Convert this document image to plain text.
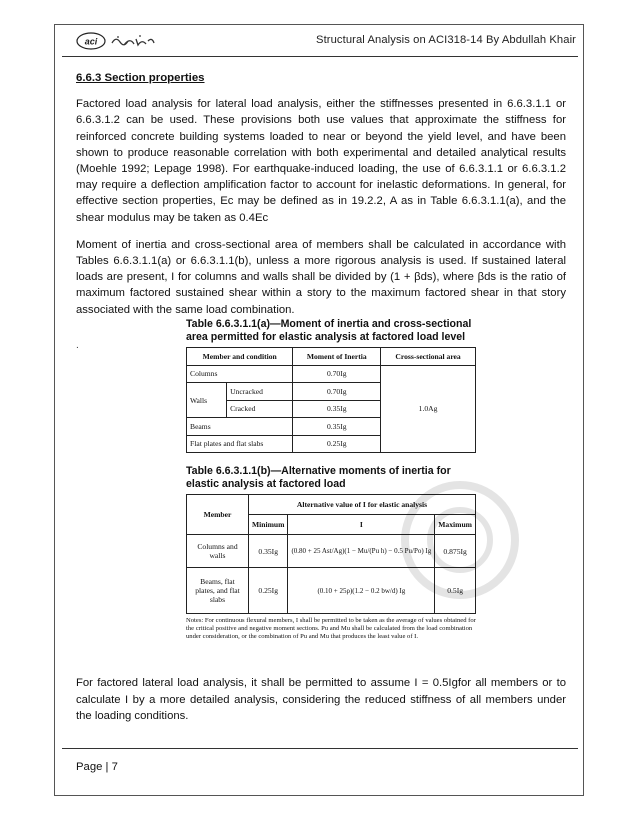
aci	Structural Analysis on ACI318-14 By Abdullah Khair
6.6.3 Section properties

Factored load analysis for lateral load analysis, either the stiffnesses presented in 6.6.3.1.1 or 6.6.3.1.2 can be used. These provisions both use values that approximate the stiffness for reinforced concrete building systems loaded to near or beyond the yield level, and have been shown to produce reasonable correlation with both experimental and detailed analytical results (Moehle 1992; Lepage 1998). For earthquake-induced loading, the use of 6.6.3.1.1 or 6.6.3.1.2 may require a deflection amplification factor to account for inelastic deformations. In general, for effective section properties, Ec may be defined as in 19.2.2, A as in Table 6.6.3.1.1(a), and the shear modulus may be taken as 0.4Ec

Moment of inertia and cross-sectional area of members shall be calculated in accordance with Tables 6.6.3.1.1(a) or 6.6.3.1.1(b), unless a more rigorous analysis is used. If sustained lateral loads are present, I for columns and walls shall be divided by (1 + βds), where βds is the ratio of maximum factored sustained shear within a story to the maximum factored shear in that story associated with the same load combination.

.
Table 6.6.3.1.1(a)—Moment of inertia and cross-sectional area permitted for elastic analysis at factored load level
Member and condition		Moment of Inertia	Cross-sectional area
Columns		0.70Ig	1.0Ag
Walls	Uncracked	0.70Ig	
	Cracked	0.35Ig	
Beams		0.35Ig	
Flat plates and flat slabs		0.25Ig	
Table 6.6.3.1.1(b)—Alternative moments of inertia for elastic analysis at factored load
Member	Alternative value of I for elastic analysis		
	Minimum	I	Maximum
Columns and walls	0.35Ig	(0.80 + 25 Ast/Ag)(1 − Mu/(Pu h) − 0.5 Pu/Po) Ig	0.875Ig
Beams, flat plates, and flat slabs	0.25Ig	(0.10 + 25ρ)(1.2 − 0.2 bw/d) Ig	0.5Ig
Notes: For continuous flexural members, I shall be permitted to be taken as the average of values obtained for the critical positive and negative moment sections. Pu and Mu shall be calculated from the load combination under consideration, or the combination of Pu and Mu that produces the least value of I.

For factored lateral load analysis, it shall be permitted to assume I = 0.5Igfor all members or to calculate I by a more detailed analysis, considering the reduced stiffness of all members under the loading conditions.

Page | 7
